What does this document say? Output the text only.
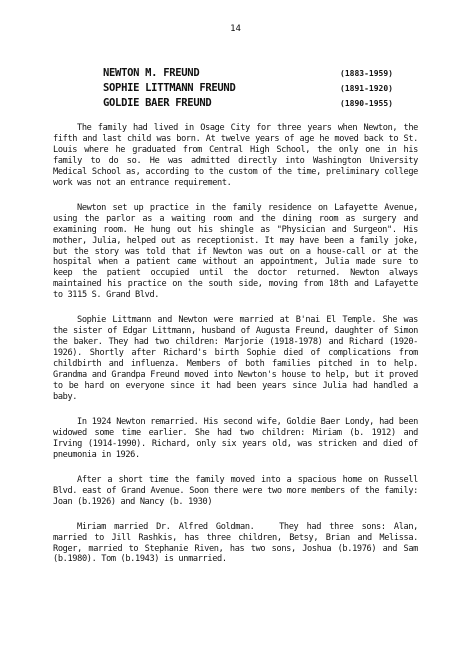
14
NEWTON M. FREUND	(1883-1959)
SOPHIE LITTMANN FREUND	(1891-1920)
GOLDIE BAER FREUND	(1890-1955)

The family had lived in Osage City for three years when Newton, the fifth and last child was born. At twelve years of age he moved back to St. Louis where he graduated from Central High School, the only one in his family to do so. He was admitted directly into Washington University Medical School as, according to the custom of the time, preliminary college work was not an entrance requirement.

Newton set up practice in the family residence on Lafayette Avenue, using the parlor as a waiting room and the dining room as surgery and examining room. He hung out his shingle as "Physician and Surgeon". His mother, Julia, helped out as receptionist. It may have been a family joke, but the story was told that if Newton was out on a house-call or at the hospital when a patient came without an appointment, Julia made sure to keep the patient occupied until the doctor returned. Newton always maintained his practice on the south side, moving from 18th and Lafayette to 3115 S. Grand Blvd.

Sophie Littmann and Newton were married at B'nai El Temple. She was the sister of Edgar Littmann, husband of Augusta Freund, daughter of Simon the baker. They had two children: Marjorie (1918-1978) and Richard (1920-1926). Shortly after Richard's birth Sophie died of complications from childbirth and influenza. Members of both families pitched in to help. Grandma and Grandpa Freund moved into Newton's house to help, but it proved to be hard on everyone since it had been years since Julia had handled a baby.

In 1924 Newton remarried. His second wife, Goldie Baer Londy, had been widowed some time earlier. She had two children: Miriam (b. 1912) and Irving (1914-1990). Richard, only six years old, was stricken and died of pneumonia in 1926.

After a short time the family moved into a spacious home on Russell Blvd. east of Grand Avenue. Soon there were two more members of the family: Joan (b.1926) and Nancy (b. 1930)

Miriam married Dr. Alfred Goldman.   They had three sons: Alan, married to Jill Rashkis, has three children, Betsy, Brian and Melissa. Roger, married to Stephanie Riven, has two sons, Joshua (b.1976) and Sam (b.1980). Tom (b.1943) is unmarried.
